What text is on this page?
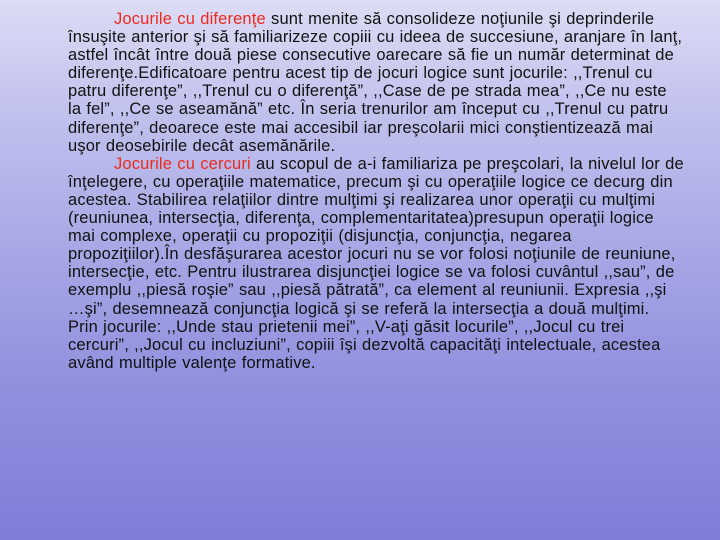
Jocurile cu diferenţe sunt menite să consolideze noţiunile şi deprinderile însuşite anterior şi să familiarizeze copiii cu ideea de succesiune, aranjare în lanţ, astfel încât între două piese consecutive oarecare să fie un număr determinat de diferenţe.Edificatoare pentru acest tip de jocuri logice sunt jocurile: ,,Trenul cu patru diferenţe”, ,,Trenul cu o diferenţă”, ,,Case de pe strada mea”, ,,Ce nu este la fel”, ,,Ce se aseamănă” etc. În seria trenurilor am început cu ,,Trenul cu patru diferenţe”, deoarece este mai accesibil iar preşcolarii mici conştientizează mai uşor deosebirile decât asemănările.

Jocurile cu cercuri au scopul de a-i familiariza pe preşcolari, la nivelul lor de înţelegere, cu operaţiile matematice, precum şi cu operaţiile logice ce decurg din acestea. Stabilirea relaţiilor dintre mulţimi şi realizarea unor operaţii cu mulţimi (reuniunea, intersecţia, diferenţa, complementaritatea)presupun operaţii logice mai complexe, operaţii cu propoziţii (disjuncţia, conjuncţia, negarea propoziţiilor).În desfăşurarea acestor jocuri nu se vor folosi noţiunile de reuniune, intersecţie, etc. Pentru ilustrarea disjuncţiei logice se va folosi cuvântul ,,sau”, de exemplu ,,piesă roşie” sau ,,piesă pătrată”, ca element al reuniunii. Expresia ,,şi …şi”, desemnează conjuncţia logică şi se referă la intersecţia a două mulţimi. Prin jocurile: ,,Unde stau prietenii mei”, ,,V-aţi găsit locurile”, ,,Jocul cu trei cercuri”, ,,Jocul cu incluziuni”, copiii îşi dezvoltă capacităţi intelectuale, acestea având multiple valenţe formative.
